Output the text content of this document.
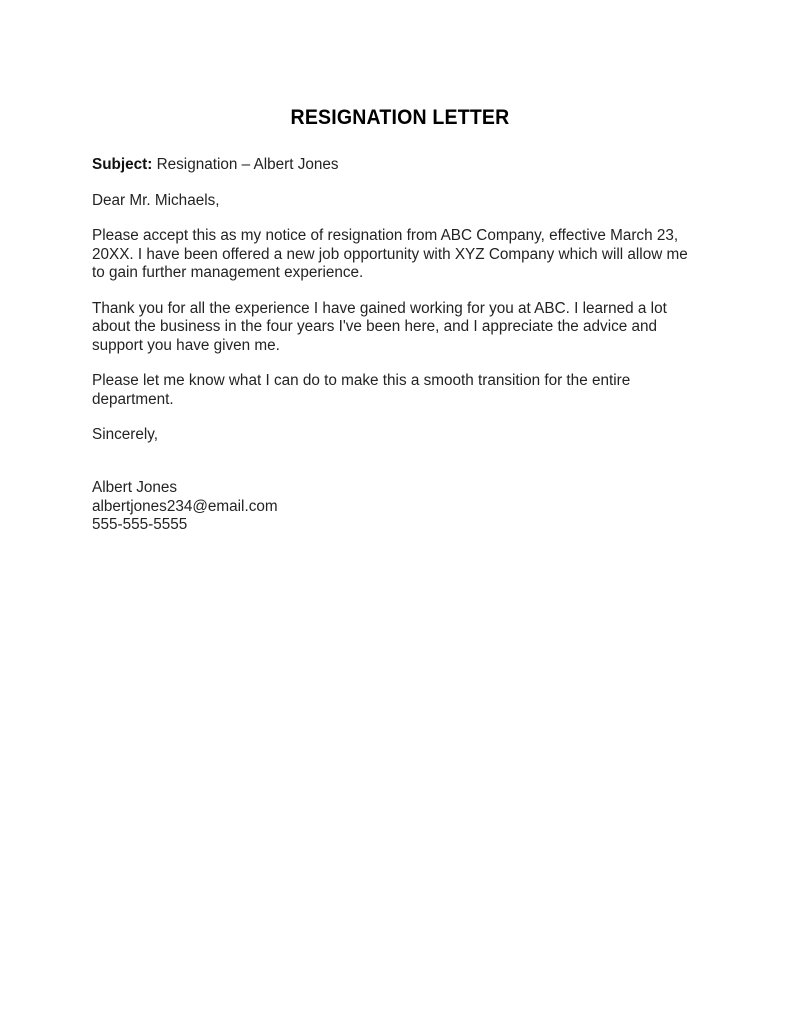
RESIGNATION LETTER

Subject: Resignation – Albert Jones

Dear Mr. Michaels,

Please accept this as my notice of resignation from ABC Company, effective March 23, 20XX. I have been offered a new job opportunity with XYZ Company which will allow me to gain further management experience.

Thank you for all the experience I have gained working for you at ABC. I learned a lot about the business in the four years I've been here, and I appreciate the advice and support you have given me.

Please let me know what I can do to make this a smooth transition for the entire department.

Sincerely,

Albert Jones
albertjones234@email.com
555-555-5555
